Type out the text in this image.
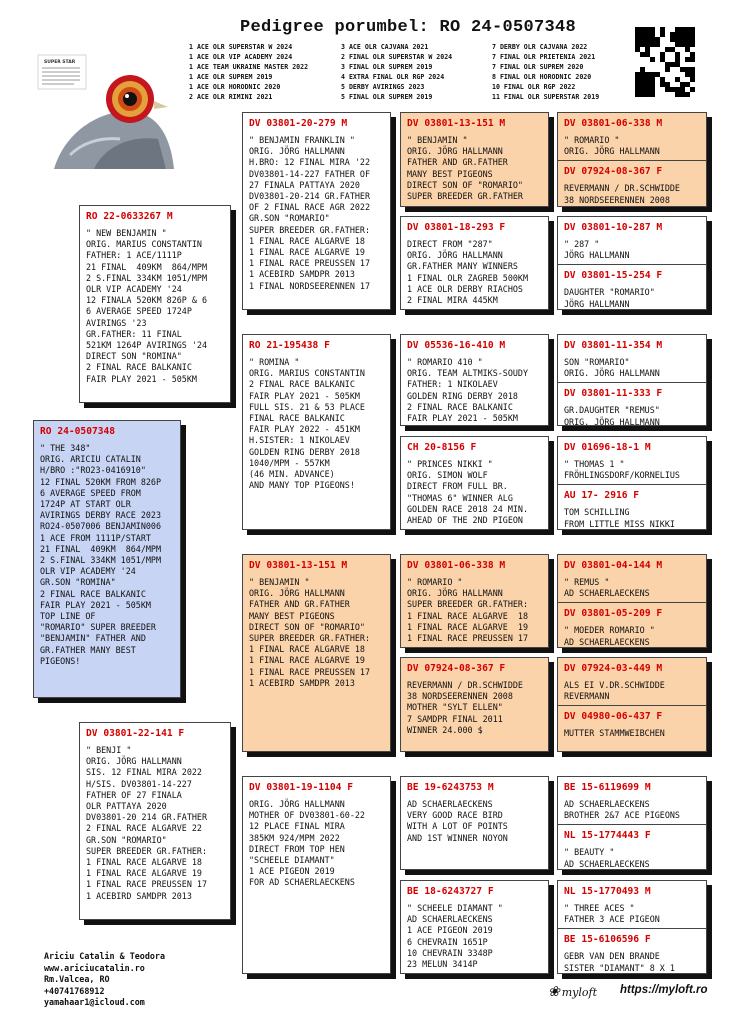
Pedigree porumbel: RO 24-0507348
1 ACE OLR SUPERSTAR W 2024
1 ACE OLR VIP ACADEMY 2024
1 ACE TEAM UKRAINE MASTER 2022
1 ACE OLR SUPREM 2019
1 ACE OLR HORODNIC 2020
2 ACE OLR RIMINI 2021
3 ACE OLR CAJVANA 2021
2 FINAL OLR SUPERSTAR W 2024
3 FINAL OLR SUPREM 2019
4 EXTRA FINAL OLR RGP 2024
5 DERBY AVIRINGS 2023
5 FINAL OLR SUPREM 2019
7 DERBY OLR CAJVANA 2022
7 FINAL OLR PRIETENIA 2021
7 FINAL OLR SUPREM 2020
8 FINAL OLR HORODNIC 2020
10 FINAL OLR RGP 2022
11 FINAL OLR SUPERSTAR 2019
SUPER STAR
RO 24-0507348
" THE 348"
ORIG. ARICIU CATALIN
H/BRO :"RO23-0416910"
12 FINAL 520KM FROM 826P
6 AVERAGE SPEED FROM
1724P AT START OLR
AVIRINGS DERBY RACE 2023
RO24-0507006 BENJAMIN006
1 ACE FROM 1111P/START
21 FINAL  409KM  864/MPM
2 S.FINAL 334KM 1051/MPM
OLR VIP ACADEMY '24
GR.SON "ROMINA"
2 FINAL RACE BALKANIC
FAIR PLAY 2021 - 505KM
TOP LINE OF
"ROMARIO" SUPER BREEDER
"BENJAMIN" FATHER AND
GR.FATHER MANY BEST
PIGEONS!
RO 22-0633267 M
" NEW BENJAMIN "
ORIG. MARIUS CONSTANTIN
FATHER: 1 ACE/1111P
21 FINAL  409KM  864/MPM
2 S.FINAL 334KM 1051/MPM
OLR VIP ACADEMY '24
12 FINALA 520KM 826P & 6
6 AVERAGE SPEED 1724P
AVIRINGS '23
GR.FATHER: 11 FINAL
521KM 1264P AVIRINGS '24
DIRECT SON "ROMINA"
2 FINAL RACE BALKANIC
FAIR PLAY 2021 - 505KM
DV 03801-22-141 F
" BENJI "
ORIG. JÖRG HALLMANN
SIS. 12 FINAL MIRA 2022
H/SIS. DV03801-14-227
FATHER OF 27 FINALA
OLR PATTAYA 2020
DV03801-20 214 GR.FATHER
2 FINAL RACE ALGARVE 22
GR.SON "ROMARIO"
SUPER BREEDER GR.FATHER:
1 FINAL RACE ALGARVE 18
1 FINAL RACE ALGARVE 19
1 FINAL RACE PREUSSEN 17
1 ACEBIRD SAMDPR 2013
DV 03801-20-279 M
" BENJAMIN FRANKLIN "
ORIG. JÖRG HALLMANN
H.BRO: 12 FINAL MIRA '22
DV03801-14-227 FATHER OF
27 FINALA PATTAYA 2020
DV03801-20-214 GR.FATHER
OF 2 FINAL RACE AGR 2022
GR.SON "ROMARIO"
SUPER BREEDER GR.FATHER:
1 FINAL RACE ALGARVE 18
1 FINAL RACE ALGARVE 19
1 FINAL RACE PREUSSEN 17
1 ACEBIRD SAMDPR 2013
1 FINAL NORDSEERENNEN 17
RO 21-195438 F
" ROMINA "
ORIG. MARIUS CONSTANTIN
2 FINAL RACE BALKANIC
FAIR PLAY 2021 - 505KM
FULL SIS. 21 & 53 PLACE
FINAL RACE BALKANIC
FAIR PLAY 2022 - 451KM
H.SISTER: 1 NIKOLAEV
GOLDEN RING DERBY 2018
1040/MPM - 557KM
(46 MIN. ADVANCE)
AND MANY TOP PIGEONS!
DV 03801-13-151 M
" BENJAMIN "
ORIG. JÖRG HALLMANN
FATHER AND GR.FATHER
MANY BEST PIGEONS
DIRECT SON OF "ROMARIO"
SUPER BREEDER GR.FATHER:
1 FINAL RACE ALGARVE 18
1 FINAL RACE ALGARVE 19
1 FINAL RACE PREUSSEN 17
1 ACEBIRD SAMDPR 2013
DV 03801-19-1104 F
ORIG. JÖRG HALLMANN
MOTHER OF DV03801-60-22
12 PLACE FINAL MIRA
385KM 924/MPM 2022
DIRECT FROM TOP HEN
"SCHEELE DIAMANT"
1 ACE PIGEON 2019
FOR AD SCHAERLAECKENS
DV 03801-13-151 M
" BENJAMIN "
ORIG. JÖRG HALLMANN
FATHER AND GR.FATHER
MANY BEST PIGEONS
DIRECT SON OF "ROMARIO"
SUPER BREEDER GR.FATHER
DV 03801-18-293 F
DIRECT FROM "287"
ORIG. JÖRG HALLMANN
GR.FATHER MANY WINNERS
1 FINAL OLR ZAGREB 500KM
1 ACE OLR DERBY RIACHOS
2 FINAL MIRA 445KM
DV 05536-16-410 M
" ROMARIO 410 "
ORIG. TEAM ALTMIKS-SOUDY
FATHER: 1 NIKOLAEV
GOLDEN RING DERBY 2018
2 FINAL RACE BALKANIC
FAIR PLAY 2021 - 505KM
CH 20-8156 F
" PRINCES NIKKI "
ORIG. SIMON WOLF
DIRECT FROM FULL BR.
"THOMAS 6" WINNER ALG
GOLDEN RACE 2018 24 MIN.
AHEAD OF THE 2ND PIGEON
DV 03801-06-338 M
" ROMARIO "
ORIG. JÖRG HALLMANN
SUPER BREEDER GR.FATHER:
1 FINAL RACE ALGARVE  18
1 FINAL RACE ALGARVE  19
1 FINAL RACE PREUSSEN 17
DV 07924-08-367 F
REVERMANN / DR.SCHWIDDE
38 NORDSEERENNEN 2008
MOTHER "SYLT ELLEN"
7 SAMDPR FINAL 2011
WINNER 24.000 $
BE 19-6243753 M
AD SCHAERLAECKENS
VERY GOOD RACE BIRD
WITH A LOT OF POINTS
AND 1ST WINNER NOYON
BE 18-6243727 F
" SCHEELE DIAMANT "
AD SCHAERLAECKENS
1 ACE PIGEON 2019
6 CHEVRAIN 1651P
10 CHEVRAIN 3348P
23 MELUN 3414P
DV 03801-06-338 M
" ROMARIO "
ORIG. JÖRG HALLMANN
DV 07924-08-367 F
REVERMANN / DR.SCHWIDDE
38 NORDSEERENNEN 2008
DV 03801-10-287 M
" 287 "
JÖRG HALLMANN
DV 03801-15-254 F
DAUGHTER "ROMARIO"
JÖRG HALLMANN
DV 03801-11-354 M
SON "ROMARIO"
ORIG. JÖRG HALLMANN
DV 03801-11-333 F
GR.DAUGHTER "REMUS"
ORIG. JÖRG HALLMANN
DV 01696-18-1 M
" THOMAS 1 "
FRÖHLINGSDORF/KORNELIUS
AU 17- 2916 F
TOM SCHILLING
FROM LITTLE MISS NIKKI
DV 03801-04-144 M
" REMUS "
AD SCHAERLAECKENS
DV 03801-05-209 F
" MOEDER ROMARIO "
AD SCHAERLAECKENS
DV 07924-03-449 M
ALS EI V.DR.SCHWIDDE
REVERMANN
DV 04980-06-437 F
MUTTER STAMMWEIBCHEN
BE 15-6119699 M
AD SCHAERLAECKENS
BROTHER 2&7 ACE PIGEONS
NL 15-1774443 F
" BEAUTY "
AD SCHAERLAECKENS
NL 15-1770493 M
" THREE ACES "
FATHER 3 ACE PIGEON
BE 15-6106596 F
GEBR VAN DEN BRANDE
SISTER "DIAMANT" 8 X 1
Ariciu Catalin & Teodora
www.ariciucatalin.ro
Rm.Valcea, RO
+40741768912
yamahaar1@icloud.com
❀ myloft https://myloft.ro
